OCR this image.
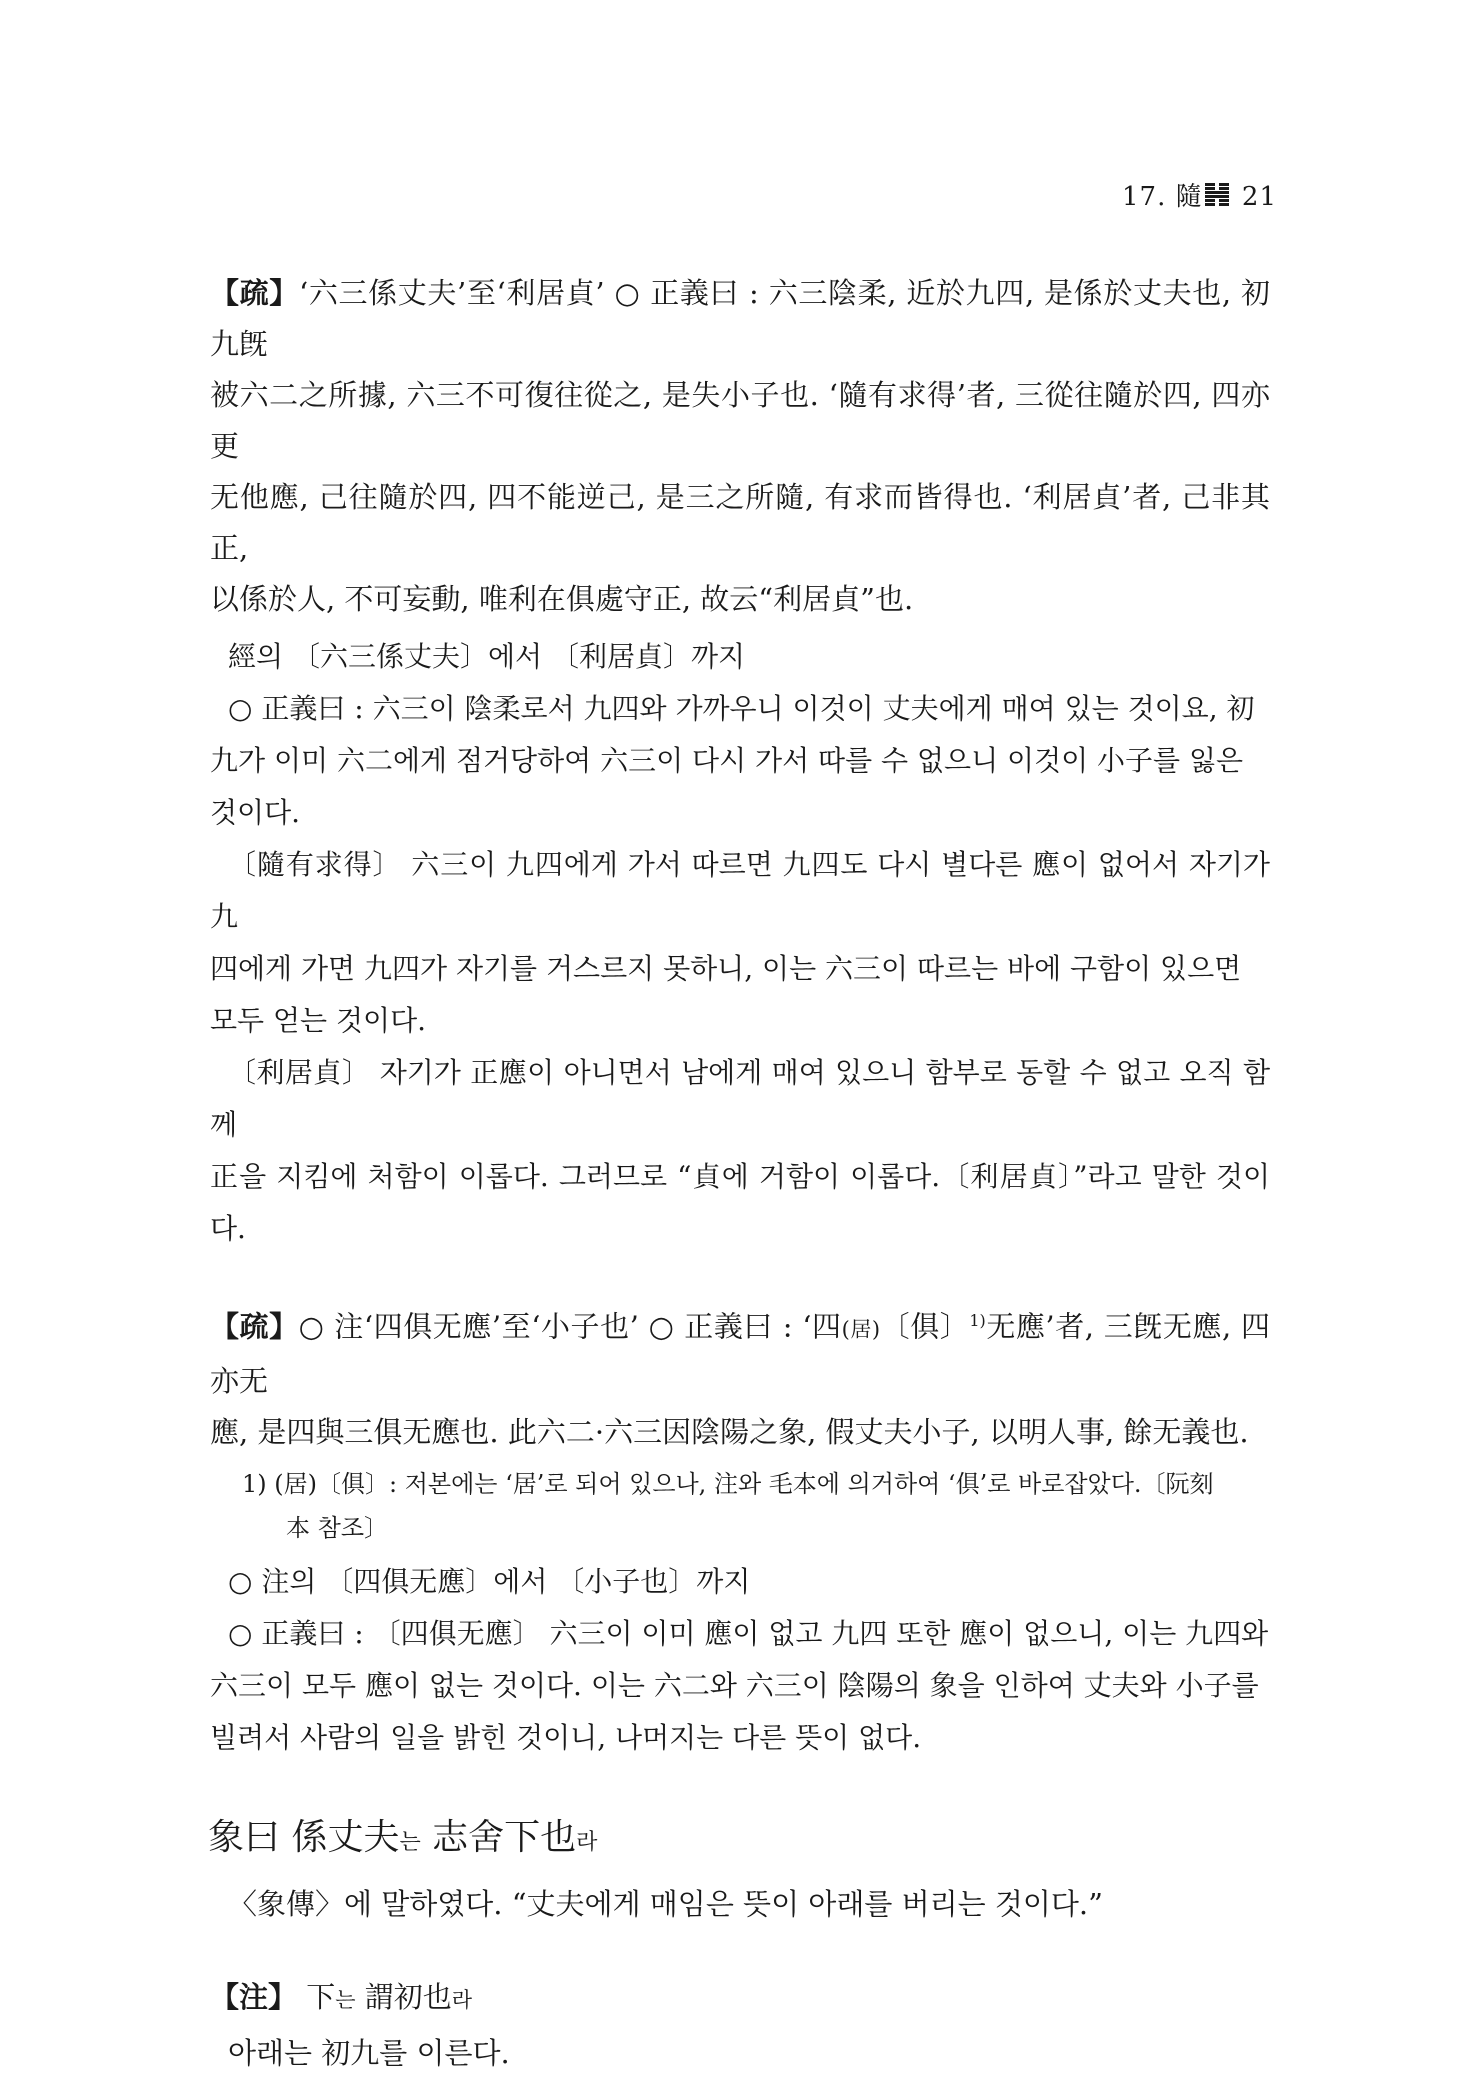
17. 隨 21

【疏】‘六三係丈夫’至‘利居貞’ ○ 正義曰 : 六三陰柔, 近於九四, 是係於丈夫也, 初九旣

被六二之所據, 六三不可復往從之, 是失小子也. ‘隨有求得’者, 三從往隨於四, 四亦更

无他應, 己往隨於四, 四不能逆己, 是三之所隨, 有求而皆得也. ‘利居貞’者, 己非其正,

以係於人, 不可妄動, 唯利在俱處守正, 故云“利居貞”也.

經의 〔六三係丈夫〕에서 〔利居貞〕까지

○ 正義曰 : 六三이 陰柔로서 九四와 가까우니 이것이 丈夫에게 매여 있는 것이요, 初

九가 이미 六二에게 점거당하여 六三이 다시 가서 따를 수 없으니 이것이 小子를 잃은

것이다.

〔隨有求得〕 六三이 九四에게 가서 따르면 九四도 다시 별다른 應이 없어서 자기가 九

四에게 가면 九四가 자기를 거스르지 못하니, 이는 六三이 따르는 바에 구함이 있으면

모두 얻는 것이다.

〔利居貞〕 자기가 正應이 아니면서 남에게 매여 있으니 함부로 동할 수 없고 오직 함께

正을 지킴에 처함이 이롭다. 그러므로 “貞에 거함이 이롭다.〔利居貞〕”라고 말한 것이다.

【疏】○ 注‘四俱无應’至‘小子也’ ○ 正義曰 : ‘四(居)〔俱〕$^{1)}$无應’者, 三旣无應, 四亦无

應, 是四與三俱无應也. 此六二·六三因陰陽之象, 假丈夫小子, 以明人事, 餘无義也.

1) (居)〔俱〕: 저본에는 ‘居’로 되어 있으나, 注와 毛本에 의거하여 ‘俱’로 바로잡았다.〔阮刻
本 참조〕

○ 注의 〔四俱无應〕에서 〔小子也〕까지

○ 正義曰 : 〔四俱无應〕 六三이 이미 應이 없고 九四 또한 應이 없으니, 이는 九四와

六三이 모두 應이 없는 것이다. 이는 六二와 六三이 陰陽의 象을 인하여 丈夫와 小子를

빌려서 사람의 일을 밝힌 것이니, 나머지는 다른 뜻이 없다.

象曰 係丈夫는 志舍下也라

〈象傳〉에 말하였다. “丈夫에게 매임은 뜻이 아래를 버리는 것이다.”

【注】 下는 謂初也라

아래는 初九를 이른다.
